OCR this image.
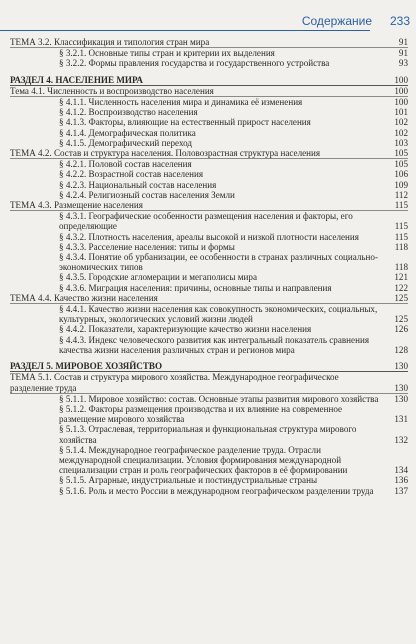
Содержание 233
ТЕМА 3.2. Классификация и типология стран мира	91
§ 3.2.1. Основные типы стран и критерии их выделения	91
§ 3.2.2. Формы правления государства и государственного устройства	93
РАЗДЕЛ 4. НАСЕЛЕНИЕ МИРА	100
Тема 4.1. Численность и воспроизводство населения	100
§ 4.1.1. Численность населения мира и динамика её изменения	100
§ 4.1.2. Воспроизводство населения	101
§ 4.1.3. Факторы, влияющие на естественный прирост населения	102
§ 4.1.4. Демографическая политика	102
§ 4.1.5. Демографический переход	103
ТЕМА 4.2. Состав и структура населения. Половозрастная структура населения	105
§ 4.2.1. Половой состав населения	105
§ 4.2.2. Возрастной состав населения	106
§ 4.2.3. Национальный состав населения	109
§ 4.2.4. Религиозный состав населения Земли	112
ТЕМА 4.3. Размещение населения	115
§ 4.3.1. Географические особенности размещения населения и факторы, его определяющие	115
§ 4.3.2. Плотность населения, ареалы высокой и низкой плотности населения	115
§ 4.3.3. Расселение населения: типы и формы	118
§ 4.3.4. Понятие об урбанизации, ее особенности в странах различных социально-экономических типов	118
§ 4.3.5. Городские агломерации и мегаполисы мира	121
§ 4.3.6. Миграция населения: причины, основные типы и направления	122
ТЕМА 4.4. Качество жизни населения	125
§ 4.4.1. Качество жизни населения как совокупность экономических, социальных, культурных, экологических условий жизни людей	125
§ 4.4.2. Показатели, характеризующие качество жизни населения	126
§ 4.4.3. Индекс человеческого развития как интегральный показатель сравнения качества жизни населения различных стран и регионов мира	128
РАЗДЕЛ 5. МИРОВОЕ ХОЗЯЙСТВО	130
ТЕМА 5.1. Состав и структура мирового хозяйства. Международное географическое разделение труда	130
§ 5.1.1. Мировое хозяйство: состав. Основные этапы развития мирового хозяйства	130
§ 5.1.2. Факторы размещения производства и их влияние на современное размещение мирового хозяйства	131
§ 5.1.3. Отраслевая, территориальная и функциональная структура мирового хозяйства	132
§ 5.1.4. Международное географическое разделение труда. Отрасли международной специализации. Условия формирования международной специализации стран и роль географических факторов в её формировании	134
§ 5.1.5. Аграрные, индустриальные и постиндустриальные страны	136
§ 5.1.6. Роль и место России в международном географическом разделении труда	137
